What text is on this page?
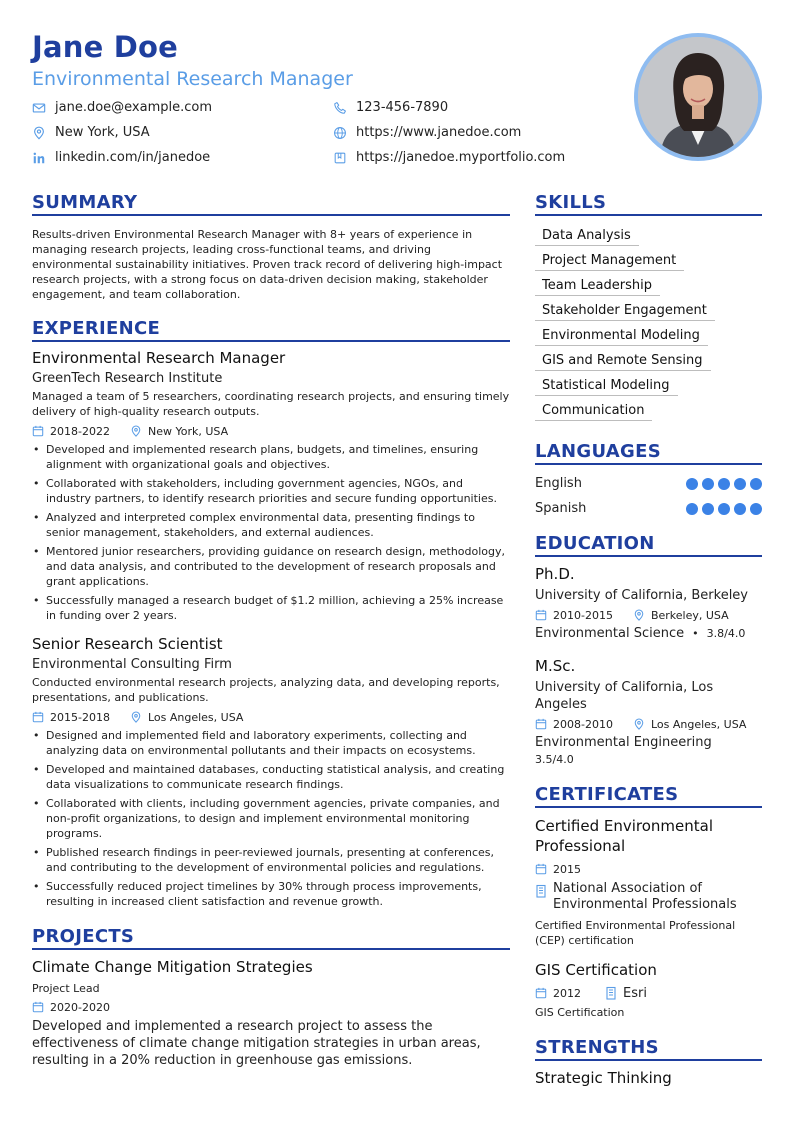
Jane Doe
Environmental Research Manager
jane.doe@example.com
New York, USA
linkedin.com/in/janedoe
123-456-7890
https://www.janedoe.com
https://janedoe.myportfolio.com
SUMMARY
Results-driven Environmental Research Manager with 8+ years of experience in managing research projects, leading cross-functional teams, and driving environmental sustainability initiatives. Proven track record of delivering high-impact research projects, with a strong focus on data-driven decision making, stakeholder engagement, and team collaboration.
EXPERIENCE
Environmental Research Manager
GreenTech Research Institute
Managed a team of 5 researchers, coordinating research projects, and ensuring timely delivery of high-quality research outputs.
2018-2022	New York, USA
• Developed and implemented research plans, budgets, and timelines, ensuring alignment with organizational goals and objectives.
• Collaborated with stakeholders, including government agencies, NGOs, and industry partners, to identify research priorities and secure funding opportunities.
• Analyzed and interpreted complex environmental data, presenting findings to senior management, stakeholders, and external audiences.
• Mentored junior researchers, providing guidance on research design, methodology, and data analysis, and contributed to the development of research proposals and grant applications.
• Successfully managed a research budget of $1.2 million, achieving a 25% increase in funding over 2 years.
Senior Research Scientist
Environmental Consulting Firm
Conducted environmental research projects, analyzing data, and developing reports, presentations, and publications.
2015-2018	Los Angeles, USA
• Designed and implemented field and laboratory experiments, collecting and analyzing data on environmental pollutants and their impacts on ecosystems.
• Developed and maintained databases, conducting statistical analysis, and creating data visualizations to communicate research findings.
• Collaborated with clients, including government agencies, private companies, and non-profit organizations, to design and implement environmental monitoring programs.
• Published research findings in peer-reviewed journals, presenting at conferences, and contributing to the development of environmental policies and regulations.
• Successfully reduced project timelines by 30% through process improvements, resulting in increased client satisfaction and revenue growth.
PROJECTS
Climate Change Mitigation Strategies
Project Lead
2020-2020
Developed and implemented a research project to assess the effectiveness of climate change mitigation strategies in urban areas, resulting in a 20% reduction in greenhouse gas emissions.
SKILLS
Data Analysis
Project Management
Team Leadership
Stakeholder Engagement
Environmental Modeling
GIS and Remote Sensing
Statistical Modeling
Communication
LANGUAGES
English
Spanish
EDUCATION
Ph.D.
University of California, Berkeley
2010-2015	Berkeley, USA
Environmental Science • 3.8/4.0
M.Sc.
University of California, Los Angeles
2008-2010	Los Angeles, USA
Environmental Engineering
3.5/4.0
CERTIFICATES
Certified Environmental Professional
2015
National Association of Environmental Professionals
Certified Environmental Professional (CEP) certification
GIS Certification
2012	Esri
GIS Certification
STRENGTHS
Strategic Thinking
